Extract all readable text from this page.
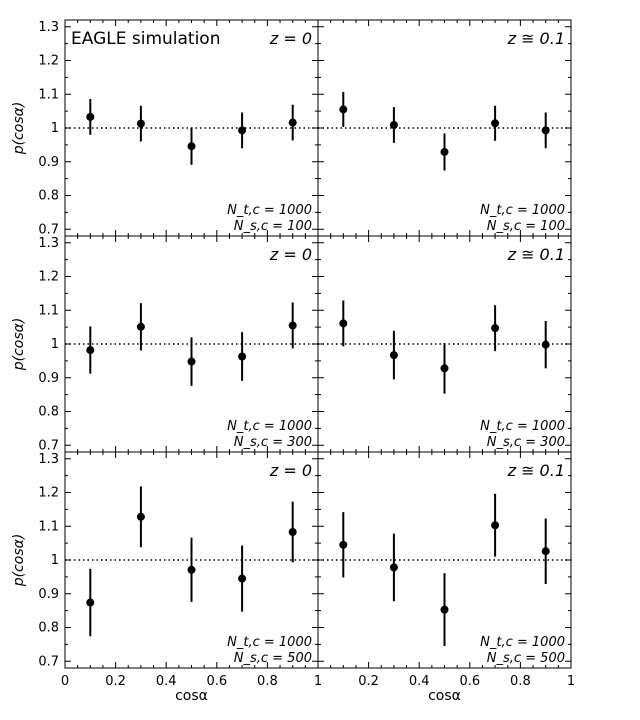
z = 0
N_t,c = 1000
N_s,c = 100
0.7
0.8
0.9
1
1.1
1.2
1.3
p(cosα)
EAGLE simulation	z ≅ 0.1
N_t,c = 1000
N_s,c = 100
z = 0
N_t,c = 1000
N_s,c = 300
0.7
0.8
0.9
1
1.1
1.2
1.3
p(cosα)
z ≅ 0.1
N_t,c = 1000
N_s,c = 300
z = 0
N_t,c = 1000
N_s,c = 500
0.7
0.8
0.9
1
1.1
1.2
1.3
p(cosα)
0	0.2 0.4 0.6 0.8	1
cosα
z ≅ 0.1
N_t,c = 1000
N_s,c = 500
0.2 0.4 0.6 0.8	1
cosα
